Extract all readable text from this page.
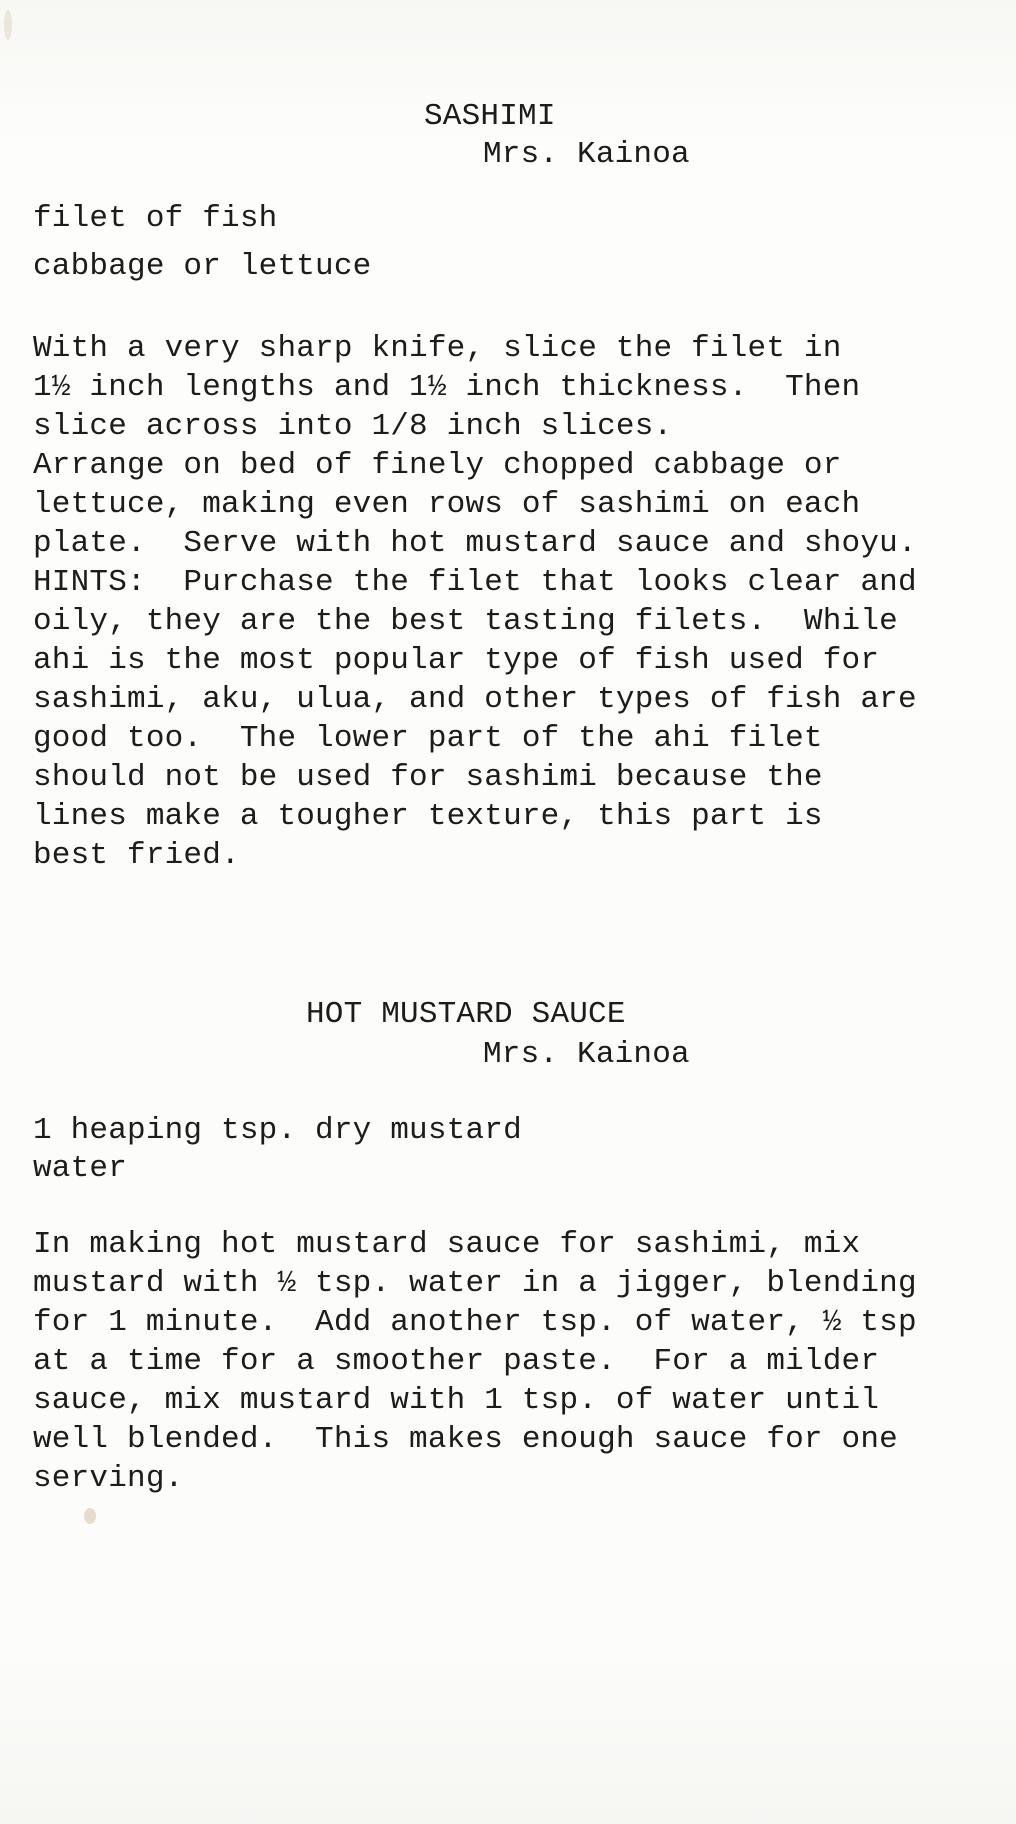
SASHIMI
Mrs. Kainoa
filet of fish
cabbage or lettuce
With a very sharp knife, slice the filet in
1½ inch lengths and 1½ inch thickness.  Then
slice across into 1/8 inch slices.
Arrange on bed of finely chopped cabbage or
lettuce, making even rows of sashimi on each
plate.  Serve with hot mustard sauce and shoyu.
HINTS:  Purchase the filet that looks clear and
oily, they are the best tasting filets.  While
ahi is the most popular type of fish used for
sashimi, aku, ulua, and other types of fish are
good too.  The lower part of the ahi filet
should not be used for sashimi because the
lines make a tougher texture, this part is
best fried.
HOT MUSTARD SAUCE
Mrs. Kainoa
1 heaping tsp. dry mustard
water
In making hot mustard sauce for sashimi, mix
mustard with ½ tsp. water in a jigger, blending
for 1 minute.  Add another tsp. of water, ½ tsp
at a time for a smoother paste.  For a milder
sauce, mix mustard with 1 tsp. of water until
well blended.  This makes enough sauce for one
serving.
